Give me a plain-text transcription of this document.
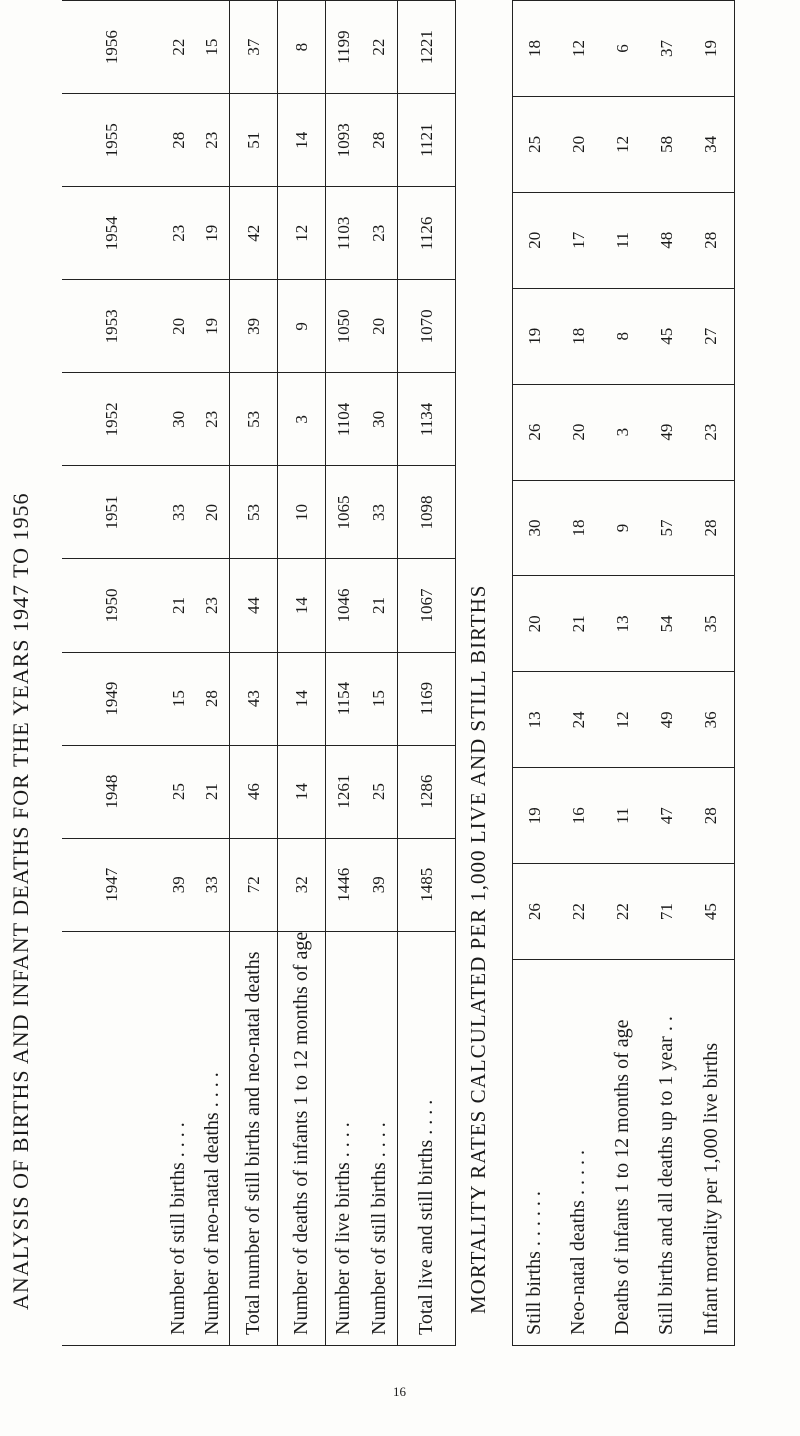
ANALYSIS OF BIRTHS AND INFANT DEATHS FOR THE YEARS 1947 TO 1956
		1947	1948	1949	1950	1951	1952	1953	1954	1955	1956
Number of still births . . . .	39	25	15	21	33	30	20	23	28	22
Number of neo-natal deaths . . . .	33	21	28	23	20	23	19	19	23	15
Total number of still births and neo-natal deaths	72	46	43	44	53	53	39	42	51	37
Number of deaths of infants 1 to 12 months of age	32	14	14	14	10	3	9	12	14	8
Number of live births . . . .	1446	1261	1154	1046	1065	1104	1050	1103	1093	1199
Number of still births . . . .	39	25	15	21	33	30	20	23	28	22
Total live and still births . . . .	1485	1286	1169	1067	1098	1134	1070	1126	1121	1221
MORTALITY RATES CALCULATED PER 1,000 LIVE AND STILL BIRTHS Still births . . . . . .	26	19	13	20	30	26	19	20	25	18
Neo-natal deaths . . . . .	22	16	24	21	18	20	18	17	20	12
Deaths of infants 1 to 12 months of age	22	11	12	13	9	3	8	11	12	6
Still births and all deaths up to 1 year . .	71	47	49	54	57	49	45	48	58	37
Infant mortality per 1,000 live births	45	28	36	35	28	23	27	28	34	19
16
